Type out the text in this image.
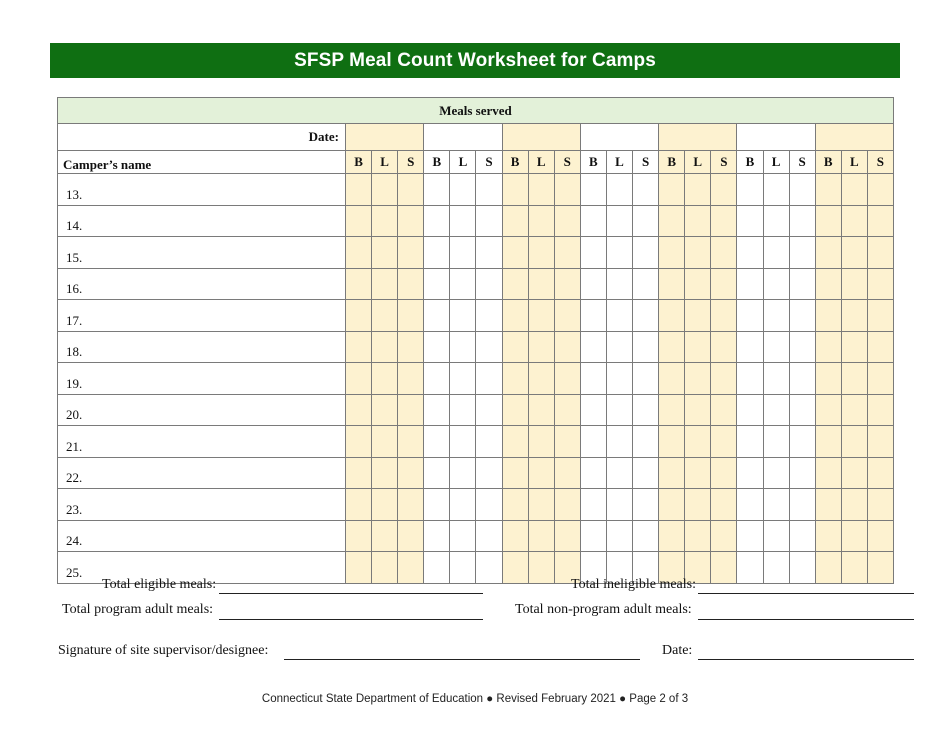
SFSP Meal Count Worksheet for Camps
Meals served																					
Date:																					
Camper’s name	B	L	S	B	L	S	B	L	S	B	L	S	B	L	S	B	L	S	B	L	S
13.																					
14.																					
15.																					
16.																					
17.																					
18.																					
19.																					
20.																					
21.																					
22.																					
23.																					
24.																					
25.																					
Total eligible meals:	Total ineligible meals:
Total program adult meals:	Total non-program adult meals:
Signature of site supervisor/designee:	Date:
Connecticut State Department of Education ● Revised February 2021 ● Page 2 of 3
